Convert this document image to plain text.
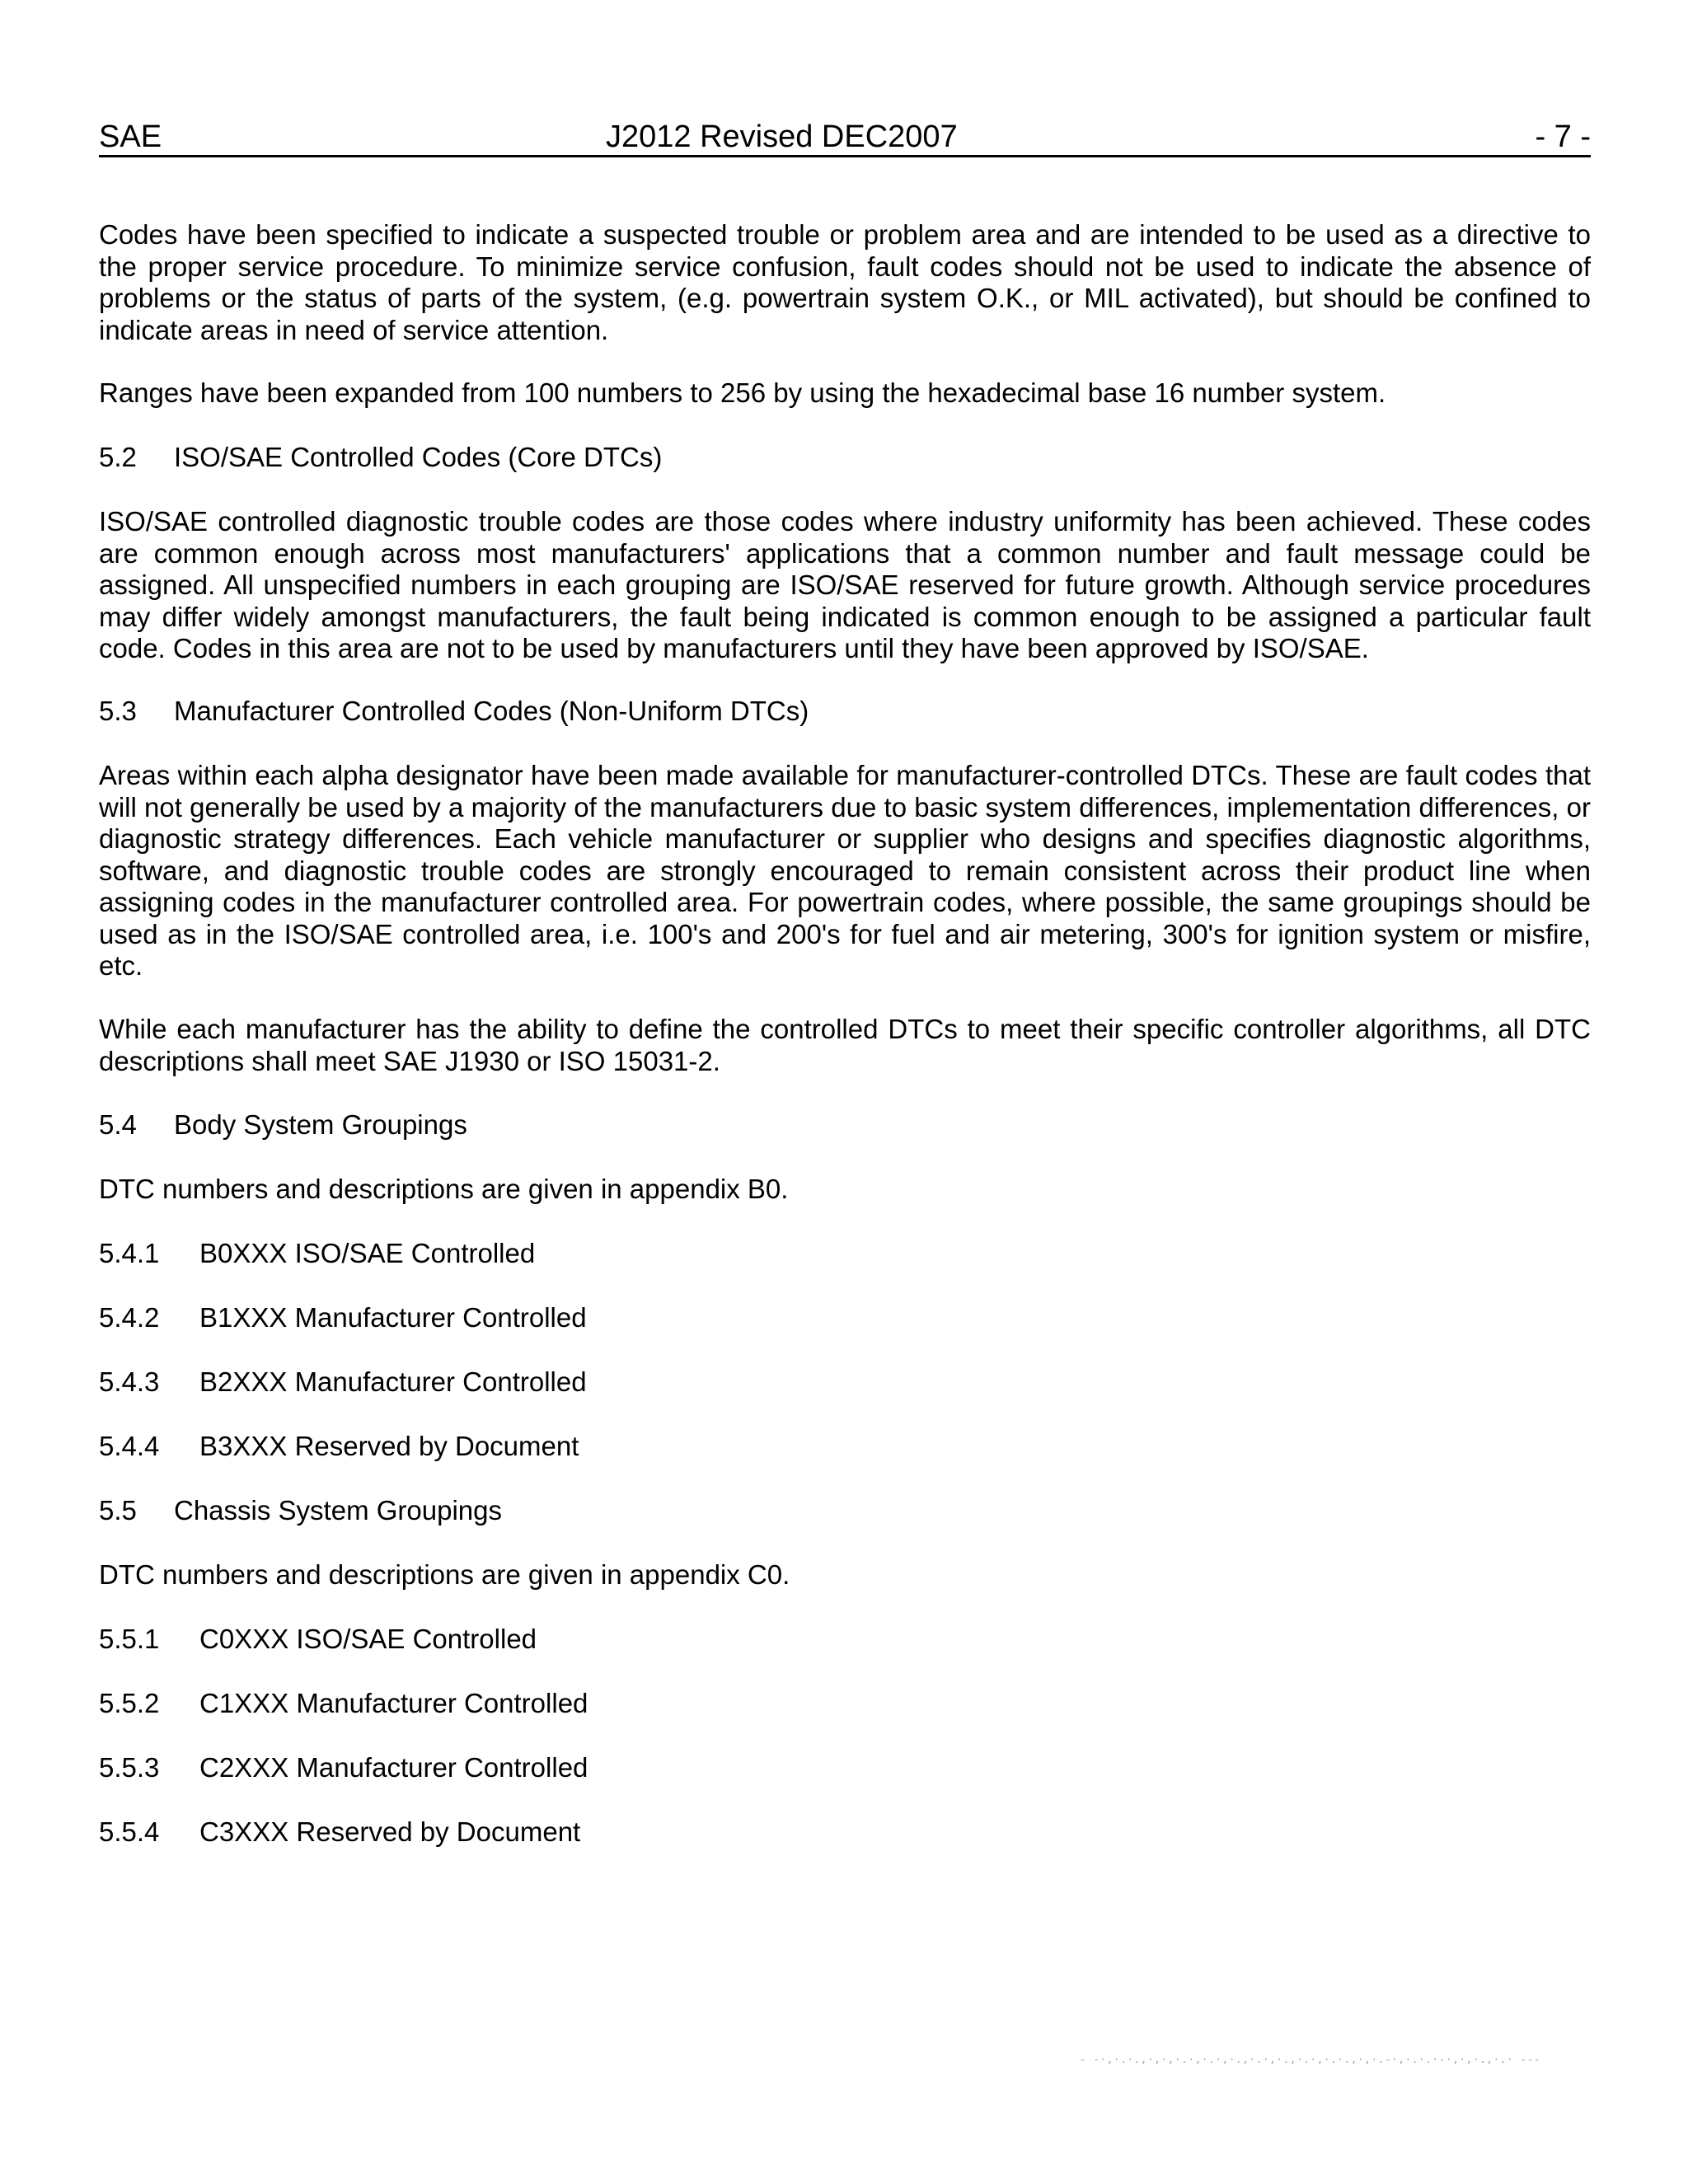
SAE	J2012 Revised DEC2007	- 7 -
Codes have been specified to indicate a suspected trouble or problem area and are intended to be used as a directive to the proper service procedure. To minimize service confusion, fault codes should not be used to indicate the absence of problems or the status of parts of the system, (e.g. powertrain system O.K., or MIL activated), but should be confined to indicate areas in need of service attention.
Ranges have been expanded from 100 numbers to 256 by using the hexadecimal base 16 number system.
5.2 ISO/SAE Controlled Codes (Core DTCs)
ISO/SAE controlled diagnostic trouble codes are those codes where industry uniformity has been achieved. These codes are common enough across most manufacturers' applications that a common number and fault message could be assigned. All unspecified numbers in each grouping are ISO/SAE reserved for future growth. Although service procedures may differ widely amongst manufacturers, the fault being indicated is common enough to be assigned a particular fault code. Codes in this area are not to be used by manufacturers until they have been approved by ISO/SAE.
5.3 Manufacturer Controlled Codes (Non-Uniform DTCs)
Areas within each alpha designator have been made available for manufacturer-controlled DTCs. These are fault codes that will not generally be used by a majority of the manufacturers due to basic system differences, implementation differences, or diagnostic strategy differences. Each vehicle manufacturer or supplier who designs and specifies diagnostic algorithms, software, and diagnostic trouble codes are strongly encouraged to remain consistent across their product line when assigning codes in the manufacturer controlled area. For powertrain codes, where possible, the same groupings should be used as in the ISO/SAE controlled area, i.e. 100's and 200's for fuel and air metering, 300's for ignition system or misfire, etc.
While each manufacturer has the ability to define the controlled DTCs to meet their specific controller algorithms, all DTC descriptions shall meet SAE J1930 or ISO 15031-2.
5.4 Body System Groupings
DTC numbers and descriptions are given in appendix B0.
5.4.1 B0XXX ISO/SAE Controlled
5.4.2 B1XXX Manufacturer Controlled
5.4.3 B2XXX Manufacturer Controlled
5.4.4 B3XXX Reserved by Document
5.5 Chassis System Groupings
DTC numbers and descriptions are given in appendix C0.
5.5.1 C0XXX ISO/SAE Controlled
5.5.2 C1XXX Manufacturer Controlled
5.5.3 C2XXX Manufacturer Controlled
5.5.4 C3XXX Reserved by Document
- -·,·.·.,·,·,·.·,·.·,·.,·.·,·.,·.·,·.·.,·,·.-·,·.·.·-·,·,·.,·.· ---
